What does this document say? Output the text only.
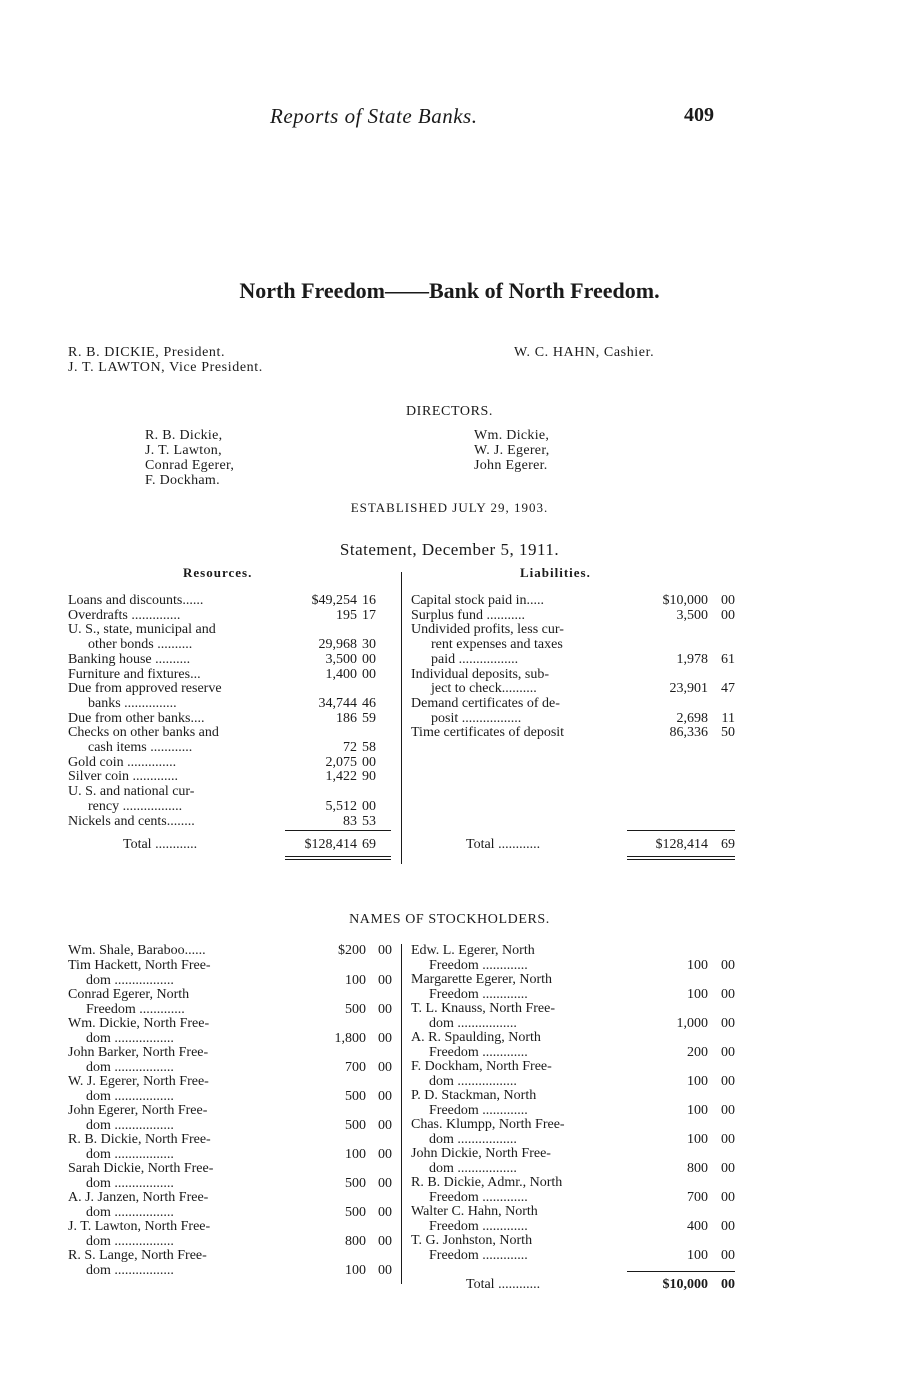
Reports of State Banks.	409
North Freedom——Bank of North Freedom.
R. B. DICKIE, President.
J. T. LAWTON, Vice President.
W. C. HAHN, Cashier.
DIRECTORS.
R. B. Dickie,
J. T. Lawton,
Conrad Egerer,
F. Dockham.
Wm. Dickie,
W. J. Egerer,
John Egerer.
ESTABLISHED JULY 29, 1903.
Statement, December 5, 1911.
Resources.	Liabilities.
Loans and discounts......	$49,254 16
Overdrafts ..............	195 17
U. S., state, municipal and
other bonds ..........	29,968 30
Banking house ..........	3,500 00
Furniture and fixtures...	1,400 00
Due from approved reserve
banks ...............	34,744 46
Due from other banks....	186 59
Checks on other banks and
cash items ............	72 58
Gold coin ..............	2,075 00
Silver coin .............	1,422 90
U. S. and national cur-
rency .................	5,512 00
Nickels and cents........	83 53
Capital stock paid in.....	$10,000 00
Surplus fund ...........	3,500 00
Undivided profits, less cur-
rent expenses and taxes
paid .................	1,978 61
Individual deposits, sub-
ject to check..........	23,901 47
Demand certificates of de-
posit .................	2,698 11
Time certificates of deposit	86,336 50
Total ............	$128,414 69	Total ............	$128,414 69
NAMES OF STOCKHOLDERS.
Wm. Shale, Baraboo......	$200 00
Tim Hackett, North Free-
dom .................	100 00
Conrad Egerer, North
Freedom .............	500 00
Wm. Dickie, North Free-
dom .................	1,800 00
John Barker, North Free-
dom .................	700 00
W. J. Egerer, North Free-
dom .................	500 00
John Egerer, North Free-
dom .................	500 00
R. B. Dickie, North Free-
dom .................	100 00
Sarah Dickie, North Free-
dom .................	500 00
A. J. Janzen, North Free-
dom .................	500 00
J. T. Lawton, North Free-
dom .................	800 00
R. S. Lange, North Free-
dom .................	100 00
Edw. L. Egerer, North
Freedom .............	100 00
Margarette Egerer, North
Freedom .............	100 00
T. L. Knauss, North Free-
dom .................	1,000 00
A. R. Spaulding, North
Freedom .............	200 00
F. Dockham, North Free-
dom .................	100 00
P. D. Stackman, North
Freedom .............	100 00
Chas. Klumpp, North Free-
dom .................	100 00
John Dickie, North Free-
dom .................	800 00
R. B. Dickie, Admr., North
Freedom .............	700 00
Walter C. Hahn, North
Freedom .............	400 00
T. G. Jonhston, North
Freedom .............	100 00
Total ............	$10,000 00
